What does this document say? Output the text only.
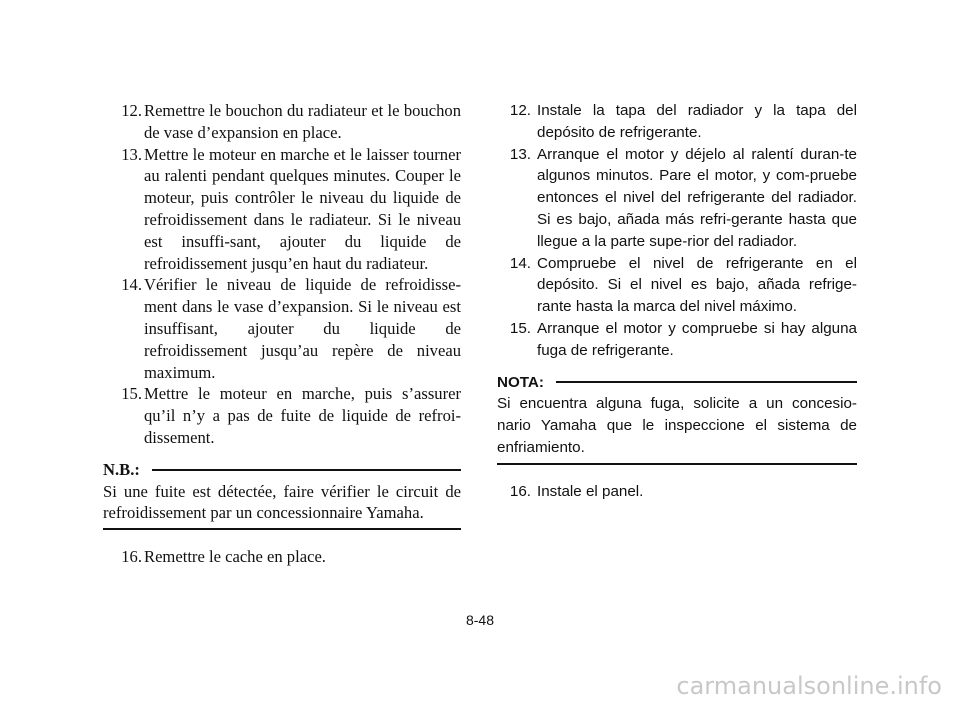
12. Remettre le bouchon du radiateur et le bouchon de vase d’expansion en place.
13. Mettre le moteur en marche et le laisser tourner au ralenti pendant quelques minutes. Couper le moteur, puis contrôler le niveau du liquide de refroidissement dans le radiateur. Si le niveau est insuffi-sant, ajouter du liquide de refroidissement jusqu’en haut du radiateur.
14. Vérifier le niveau de liquide de refroidisse-ment dans le vase d’expansion. Si le niveau est insuffisant, ajouter du liquide de refroidissement jusqu’au repère de niveau maximum.
15. Mettre le moteur en marche, puis s’assurer qu’il n’y a pas de fuite de liquide de refroi-dissement.
N.B.:
Si une fuite est détectée, faire vérifier le circuit de refroidissement par un concessionnaire Yamaha.
16. Remettre le cache en place.
12. Instale la tapa del radiador y la tapa del depósito de refrigerante.
13. Arranque el motor y déjelo al ralentí duran-te algunos minutos. Pare el motor, y com-pruebe entonces el nivel del refrigerante del radiador. Si es bajo, añada más refri-gerante hasta que llegue a la parte supe-rior del radiador.
14. Compruebe el nivel de refrigerante en el depósito. Si el nivel es bajo, añada refrige-rante hasta la marca del nivel máximo.
15. Arranque el motor y compruebe si hay alguna fuga de refrigerante.
NOTA:
Si encuentra alguna fuga, solicite a un concesio-nario Yamaha que le inspeccione el sistema de enfriamiento.
16. Instale el panel.
8-48
carmanualsonline.info
